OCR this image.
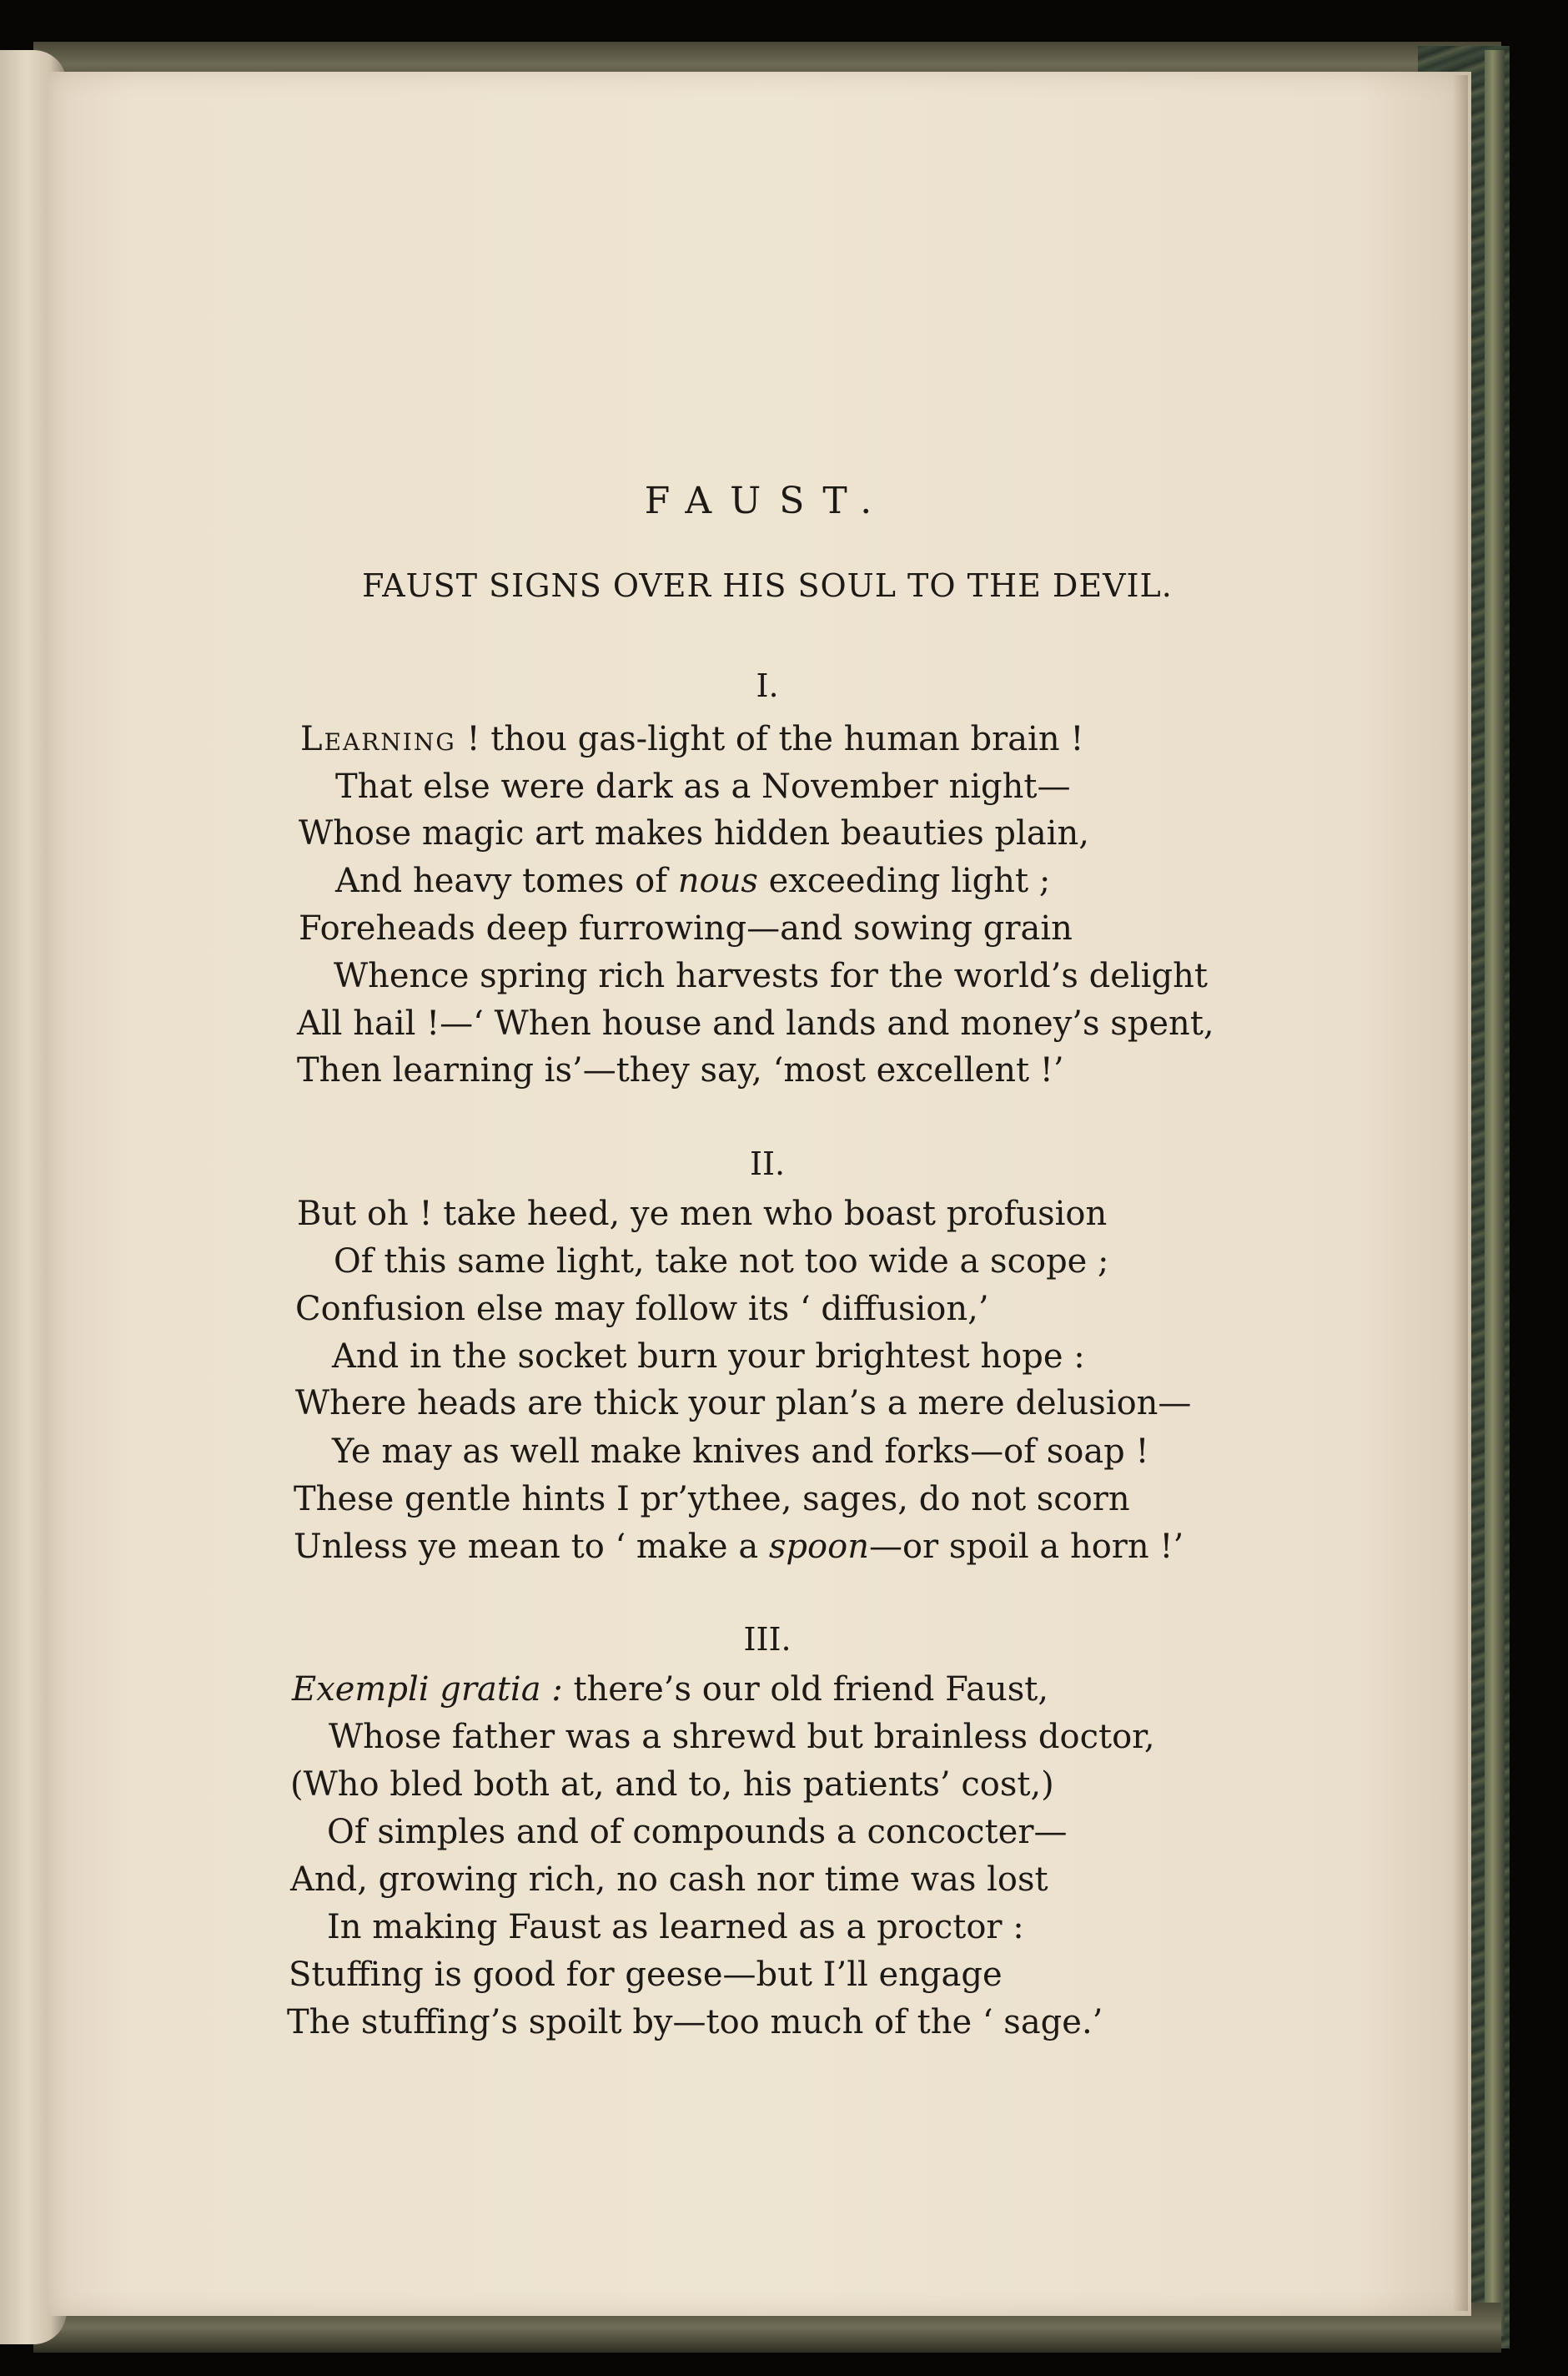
FAUST.
FAUST SIGNS OVER HIS SOUL TO THE DEVIL.
I.
Learning ! thou gas-light of the human brain !
That else were dark as a November night—
Whose magic art makes hidden beauties plain,
And heavy tomes of nous exceeding light ;
Foreheads deep furrowing—and sowing grain
Whence spring rich harvests for the world’s delight
All hail !—‘ When house and lands and money’s spent,
Then learning is’—they say, ‘most excellent !’
II.
But oh ! take heed, ye men who boast profusion
Of this same light, take not too wide a scope ;
Confusion else may follow its ‘ diffusion,’
And in the socket burn your brightest hope :
Where heads are thick your plan’s a mere delusion—
Ye may as well make knives and forks—of soap !
These gentle hints I pr’ythee, sages, do not scorn
Unless ye mean to ‘ make a spoon—or spoil a horn !’
III.
Exempli gratia : there’s our old friend Faust,
Whose father was a shrewd but brainless doctor,
(Who bled both at, and to, his patients’ cost,)
Of simples and of compounds a concocter—
And, growing rich, no cash nor time was lost
In making Faust as learned as a proctor :
Stuffing is good for geese—but I’ll engage
The stuffing’s spoilt by—too much of the ‘ sage.’
